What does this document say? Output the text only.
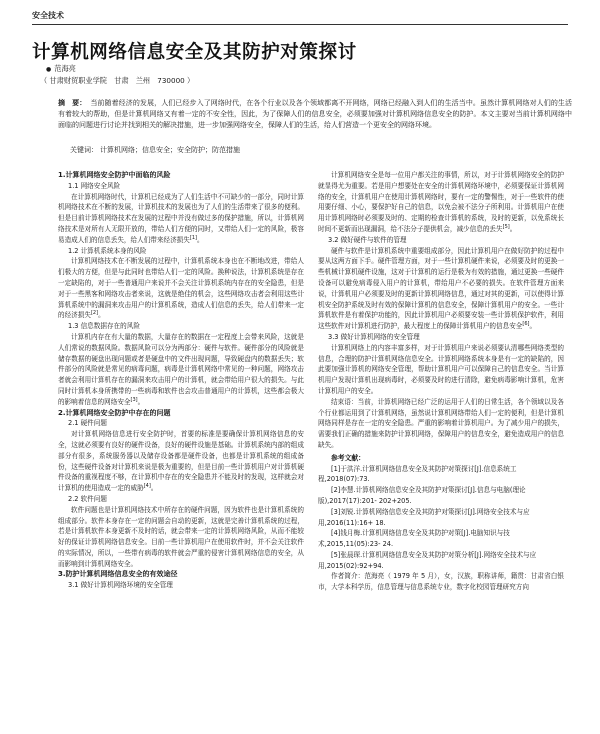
安全技术
计算机网络信息安全及其防护对策探讨
● 范海亮
（ 甘肃财贸职业学院　甘肃　兰州　730000 ）
摘　要： 当前随着经济的发展，人们已经步入了网络时代，在各个行业以及各个领域都离不开网络，网络已经融入到人们的生活当中。虽然计算机网络对人们的生活有着较大的帮助，但是计算机网络又有着一定的不安全性，因此，为了保障人们的信息安全，必须要加强对计算机网络信息安全的防护。本文主要对当前计算机网络中面临的问题进行讨论并找到相关的解决措施，进一步加强网络安全，保障人们的生活，给人们营造一个更安全的网络环境。
关键词： 计算机网络；信息安全；安全防护；防范措施
1.计算机网络安全防护中面临的风险
1.1 网络安全风险

在计算机网络时代，计算机已经成为了人们生活中不可缺少的一部分，同时计算机网络技术在不断的发展，计算机技术的发展也为了人们的生活带来了很多的便利。但是目前计算机网络技术在发展的过程中并没有做过多的保护措施，所以，计算机网络技术是对所有人无限开放的，带给人们方便的同时，又带给人们一定的风险，极容易造成人们的信息丢失，给人们带来经济损失[1]。

1.2 计算机系统本身的风险

计算机网络技术在不断发展的过程中，计算机系统本身也在不断地改进，带给人们极大的方便，但是与此同时也带给人们一定的风险。换种说法，计算机系统是存在一定缺陷的，对于一些普通用户来说并不会关注计算机系统内存在的安全隐患，但是对于一些黑客和网络攻击者来说，这就是绝佳的机会，这些网络攻击者会利用这些计算机系统中的漏洞来攻击用户的计算机系统，造成人们信息的丢失，给人们带来一定的经济损失[2]。

1.3 信息数据存在的风险

计算机内存在有大量的数据，大量存在的数据在一定程度上会带来风险，这就是人们常说的数据风险。数据风险可以分为两部分：硬件与软件。硬件部分的风险就是储存数据的硬盘出现问题或者是硬盘中的文件出现问题，导致硬盘内的数据丢失；软件部分的风险就是常见的病毒问题，病毒是计算机网络中常见的一种问题，网络攻击者就会利用计算机存在的漏洞来攻击用户的计算机，就会带给用户很大的损失。与此同时计算机本身所携带的一些病毒和软件也会攻击普通用户的计算机，这些都会极大的影响着信息的网络安全[3]。

2.计算机网络安全防护中存在的问题
2.1 硬件问题

对计算机网络信息进行安全防护时，首要的标准是要确保计算机网络信息的安全，这就必须要有良好的硬件设备，良好的硬件设施是基础。计算机系统内部的组成部分有很多，系统服务器以及储存设备都是硬件设备，也都是计算机系统的组成备份，这些硬件设备对计算机来说是极为重要的，但是目前一些计算机用户对计算机硬件设备的重视程度不够，在计算机中存在的安全隐患并不能及时的发现，这样就会对计算机的使用造成一定的威胁[4]。

2.2 软件问题

软件问题也是计算机网络技术中所存在的硬件问题，因为软件也是计算机系统的组成部分。软件本身存在一定的问题会自动的更新，这就是完善计算机系统的过程，若是计算机软件本身更新不及时的话，就会带来一定的计算机网络风险，从而不能较好的保证计算机网络信息安全。目前一些计算机用户在使用软件时，并不会关注软件的实际情况，所以，一些带有病毒的软件就会严重的侵害计算机网络信息的安全，从而影响到计算机网络安全。

3.防护计算机网络信息安全的有效途径
3.1 做好计算机网络环境的安全管理

计算机网络安全是每一位用户都关注的事情，所以，对于计算机网络安全的防护就显得尤为重要。若是用户想要处在安全的计算机网络环境中，必须要保证计算机网络的安全，计算机用户在使用计算机网络时，要有一定的警惕性，对于一些软件的使用要仔细、小心，要保护好自己的信息，以免会被不法分子所利用。计算机用户在使用计算机网络时必须要及时的、定期的检查计算机的系统，及时的更新，以免系统长时间不更新而出现漏洞，给不法分子提供机会，减少信息的丢失[5]。

3.2 做好硬件与软件的管理

硬件与软件是计算机系统中重要组成部分，因此计算机用户在做好防护的过程中要从这两方面下手。硬件管理方面，对于一些计算机硬件来说，必须要及时的更换一些机械计算机硬件设施，这对于计算机的运行是极为有效的措施，通过更换一些硬件设备可以避免病毒侵入用户的计算机，带给用户不必要的损失。在软件管理方面来说，计算机用户必须要及时的更新计算机网络信息，通过对其的更新，可以使得计算机安全防护系统及时有效的保障计算机的信息安全，保障计算机用户的安全。一些计算机软件是有着保护功能的，因此计算机用户必须要安装一些计算机保护软件，利用这些软件对计算机进行防护，最大程度上的保障计算机用户的信息安全[6]。

3.3 做好计算机网络的安全管理

计算机网络上的内容丰富多样，对于计算机用户来说必须要认清哪些网络类型的信息，合理的防护计算机网络信息安全。计算机网络系统本身是有一定的缺陷的，因此要加强计算机的网络安全管理，帮助计算机用户可以保障自己的信息安全。当计算机用户发现计算机出现病毒时，必须要及时的进行清除，避免病毒影响计算机，危害计算机用户的安全。

结束语：当前，计算机网络已经广泛的运用于人们的日常生活，各个领域以及各个行业都运用到了计算机网络，虽然说计算机网络带给人们一定的便利，但是计算机网络同样是存在一定的安全隐患。严重的影响着计算机用户。为了减少用户的损失，需要我们正确的措施来防护计算机网络，保障用户的信息安全，避免造成用户的信息缺失。

参考文献：
[1]于洪洋.计算机网络信息安全及其防护对策探讨[J].信息系统工程,2018(07):73.
[2]李慧.计算机网络信息安全及其防护对策探讨[J].信息与电脑(理论版),2017(17):201- 202+205.
[3]刘锐.计算机网络信息安全及其防护对策探讨[J].网络安全技术与应用,2016(11):16+ 18.
[4]钱月梅.计算机网络信息安全及其防护对策[J].电脑知识与技术,2015,11(05):23- 24.
[5]张晨琛.计算机网络信息安全及其防护对策分析[J].网络安全技术与应用,2015(02):92+94.

作者简介：范海亮（ 1979 年 5 月），女，汉族，职称讲师，籍贯：甘肃省白银市，大学本科学历，信息管理与信息系统专业，数字化校园管理研究方向
